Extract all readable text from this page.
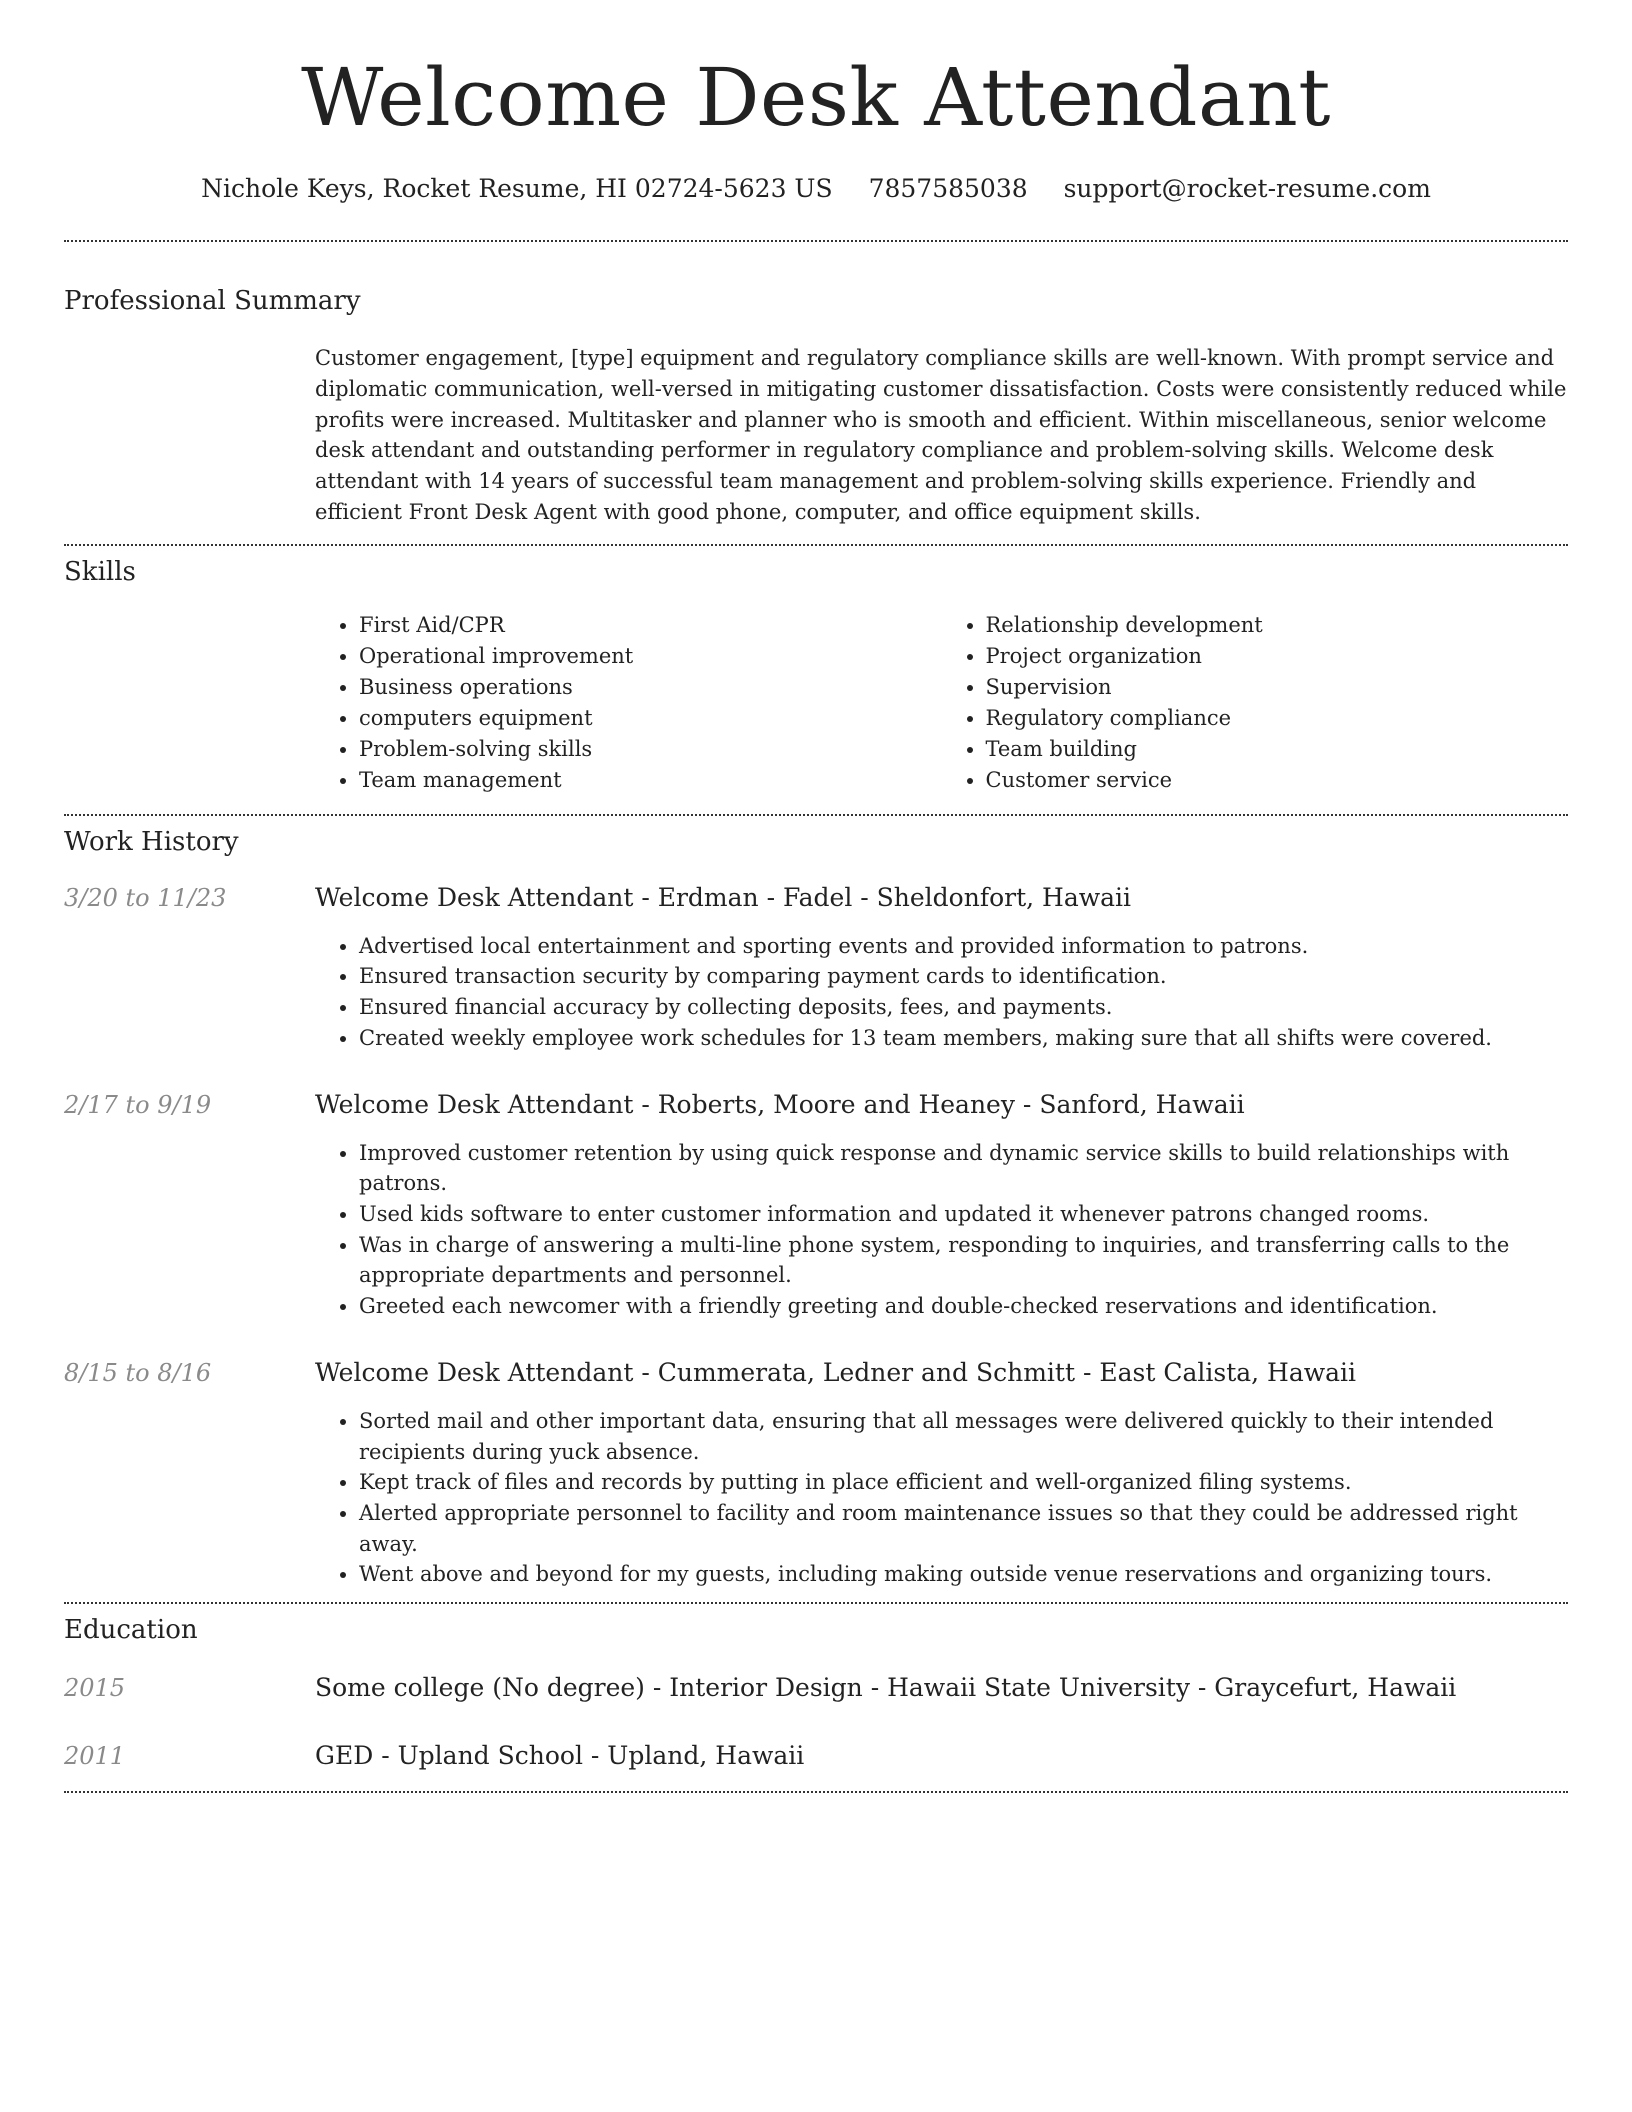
Welcome Desk Attendant
Nichole Keys, Rocket Resume, HI 02724-5623 US 7857585038 support@rocket-resume.com
Professional Summary

Customer engagement, [type] equipment and regulatory compliance skills are well-known. With prompt service and diplomatic communication, well-versed in mitigating customer dissatisfaction. Costs were consistently reduced while profits were increased. Multitasker and planner who is smooth and efficient. Within miscellaneous, senior welcome desk attendant and outstanding performer in regulatory compliance and problem-solving skills. Welcome desk attendant with 14 years of successful team management and problem-solving skills experience. Friendly and efficient Front Desk Agent with good phone, computer, and office equipment skills.

Skills
• First Aid/CPR
• Operational improvement
• Business operations
• computers equipment
• Problem-solving skills
• Team management
• Relationship development
• Project organization
• Supervision
• Regulatory compliance
• Team building
• Customer service
Work History
3/20 to 11/23	Welcome Desk Attendant - Erdman - Fadel - Sheldonfort, Hawaii
• Advertised local entertainment and sporting events and provided information to patrons.
• Ensured transaction security by comparing payment cards to identification.
• Ensured financial accuracy by collecting deposits, fees, and payments.
• Created weekly employee work schedules for 13 team members, making sure that all shifts were covered.
2/17 to 9/19	Welcome Desk Attendant - Roberts, Moore and Heaney - Sanford, Hawaii
• Improved customer retention by using quick response and dynamic service skills to build relationships with patrons.
• Used kids software to enter customer information and updated it whenever patrons changed rooms.
• Was in charge of answering a multi-line phone system, responding to inquiries, and transferring calls to the appropriate departments and personnel.
• Greeted each newcomer with a friendly greeting and double-checked reservations and identification.
8/15 to 8/16	Welcome Desk Attendant - Cummerata, Ledner and Schmitt - East Calista, Hawaii
• Sorted mail and other important data, ensuring that all messages were delivered quickly to their intended recipients during yuck absence.
• Kept track of files and records by putting in place efficient and well-organized filing systems.
• Alerted appropriate personnel to facility and room maintenance issues so that they could be addressed right away.
• Went above and beyond for my guests, including making outside venue reservations and organizing tours.
Education
2015	Some college (No degree) - Interior Design - Hawaii State University - Graycefurt, Hawaii
2011	GED - Upland School - Upland, Hawaii
